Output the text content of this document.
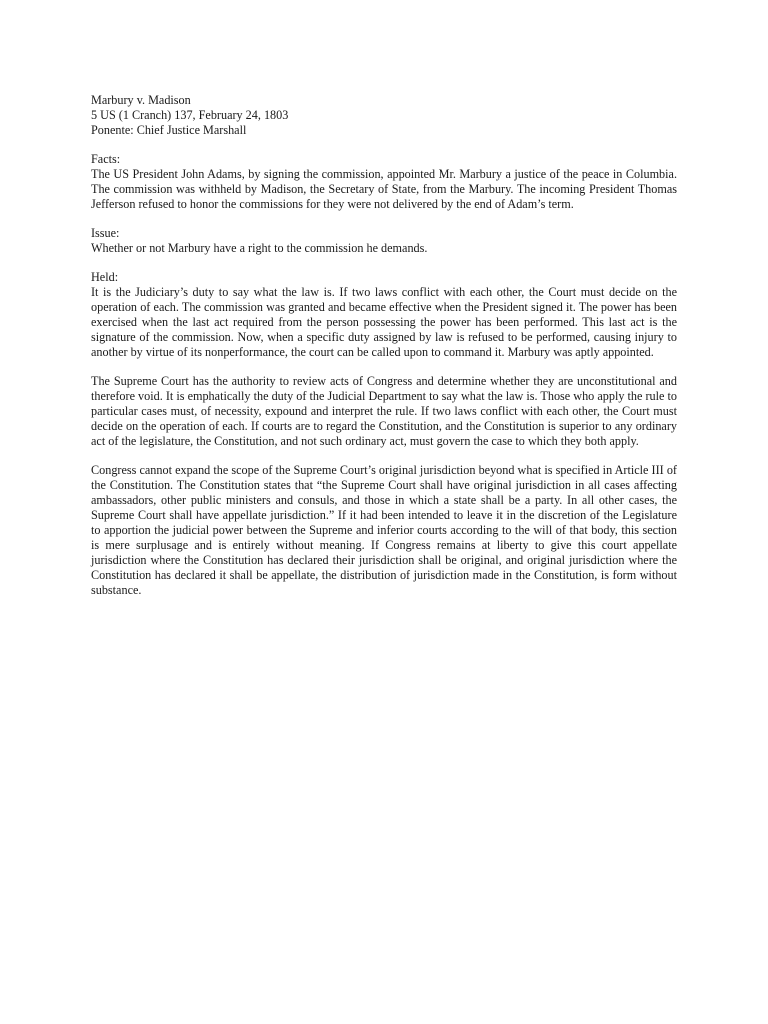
Marbury v. Madison
5 US (1 Cranch) 137, February 24, 1803
Ponente: Chief Justice Marshall
Facts:

The US President John Adams, by signing the commission, appointed Mr. Marbury a justice of the peace in Columbia. The commission was withheld by Madison, the Secretary of State, from the Marbury. The incoming President Thomas Jefferson refused to honor the commissions for they were not delivered by the end of Adam’s term.

Issue:

Whether or not Marbury have a right to the commission he demands.

Held:

It is the Judiciary’s duty to say what the law is. If two laws conflict with each other, the Court must decide on the operation of each. The commission was granted and became effective when the President signed it. The power has been exercised when the last act required from the person possessing the power has been performed. This last act is the signature of the commission. Now, when a specific duty assigned by law is refused to be performed, causing injury to another by virtue of its nonperformance, the court can be called upon to command it. Marbury was aptly appointed.

The Supreme Court has the authority to review acts of Congress and determine whether they are unconstitutional and therefore void. It is emphatically the duty of the Judicial Department to say what the law is. Those who apply the rule to particular cases must, of necessity, expound and interpret the rule. If two laws conflict with each other, the Court must decide on the operation of each. If courts are to regard the Constitution, and the Constitution is superior to any ordinary act of the legislature, the Constitution, and not such ordinary act, must govern the case to which they both apply.

Congress cannot expand the scope of the Supreme Court’s original jurisdiction beyond what is specified in Article III of the Constitution. The Constitution states that “the Supreme Court shall have original jurisdiction in all cases affecting ambassadors, other public ministers and consuls, and those in which a state shall be a party. In all other cases, the Supreme Court shall have appellate jurisdiction.” If it had been intended to leave it in the discretion of the Legislature to apportion the judicial power between the Supreme and inferior courts according to the will of that body, this section is mere surplusage and is entirely without meaning. If Congress remains at liberty to give this court appellate jurisdiction where the Constitution has declared their jurisdiction shall be original, and original jurisdiction where the Constitution has declared it shall be appellate, the distribution of jurisdiction made in the Constitution, is form without substance.
